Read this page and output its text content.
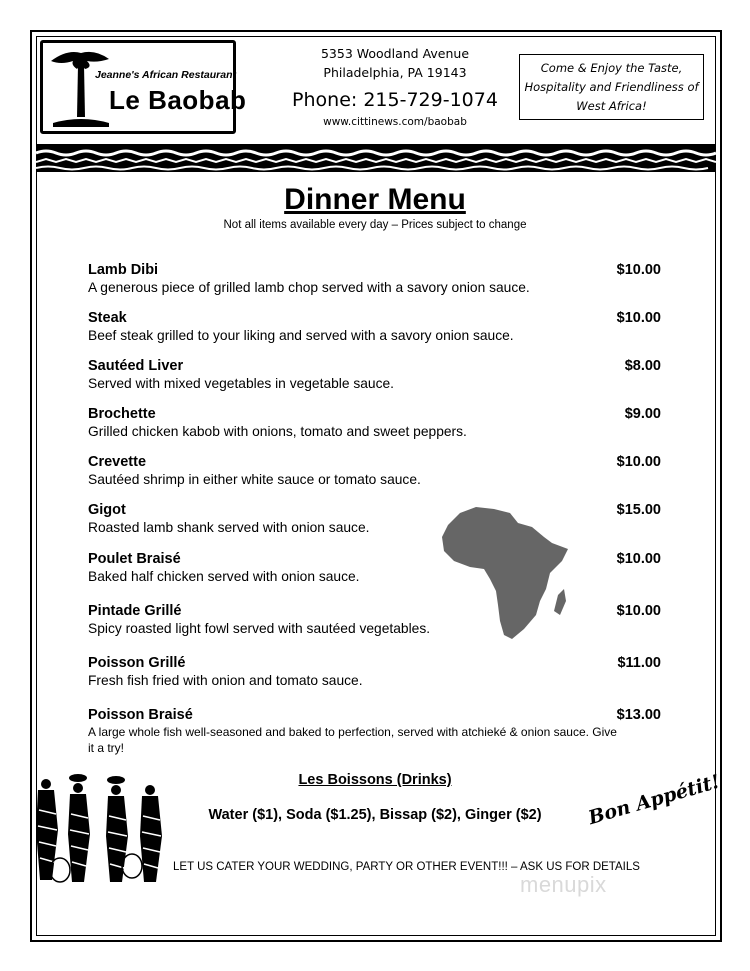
Jeanne's African Restaurant
Le Baobab
5353 Woodland Avenue
Philadelphia, PA 19143
Phone: 215-729-1074
www.cittinews.com/baobab
Come & Enjoy the Taste,
Hospitality and Friendliness of
West Africa!
Dinner Menu
Not all items available every day – Prices subject to change
Lamb Dibi
A generous piece of grilled lamb chop served with a savory onion sauce.
$10.00
Steak
Beef steak grilled to your liking and served with a savory onion sauce.
$10.00
Sautéed Liver
Served with mixed vegetables in vegetable sauce.
$8.00
Brochette
Grilled chicken kabob with onions, tomato and sweet peppers.
$9.00
Crevette
Sautéed shrimp in either white sauce or tomato sauce.
$10.00
Gigot
Roasted lamb shank served with onion sauce.
$15.00
Poulet Braisé
Baked half chicken served with onion sauce.
$10.00
Pintade Grillé
Spicy roasted light fowl served with sautéed vegetables.
$10.00
Poisson Grillé
Fresh fish fried with onion and tomato sauce.
$11.00
Poisson Braisé
A large whole fish well-seasoned and baked to perfection, served with atchieké & onion sauce. Give it a try!
$13.00
Les Boissons (Drinks)
Water ($1), Soda ($1.25), Bissap ($2), Ginger ($2)	Bon Appétit!
LET US CATER YOUR WEDDING, PARTY OR OTHER EVENT!!! – ASK US FOR DETAILS
menupix
